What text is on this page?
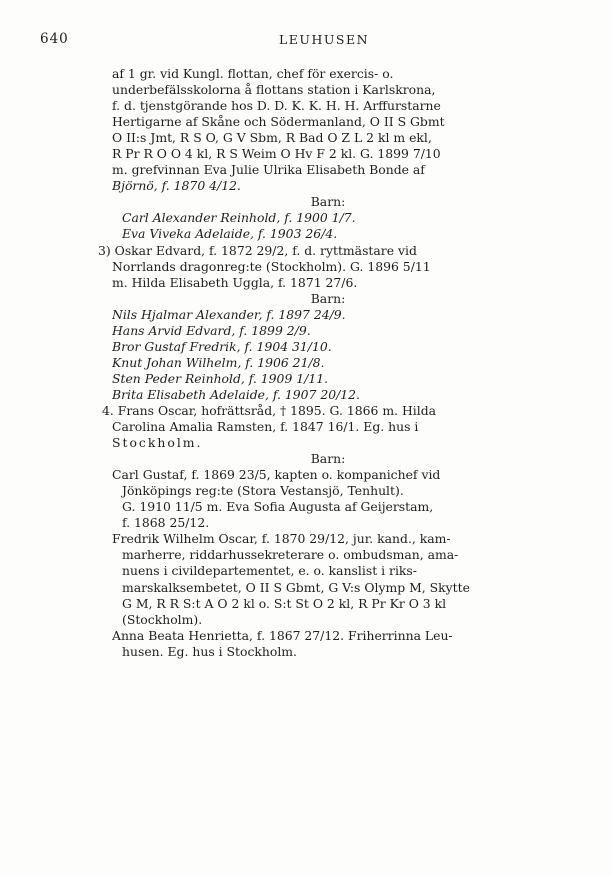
640	LEUHUSEN
af 1 gr. vid Kungl. flottan, chef för exercis- o.
underbefälsskolorna å flottans station i Karlskrona,
f. d. tjenstgörande hos D. D. K. K. H. H. Arffurstarne
Hertigarne af Skåne och Södermanland, O II S Gbmt
O II:s Jmt, R S O, G V Sbm, R Bad O Z L 2 kl m ekl,
R Pr R O O 4 kl, R S Weim O Hv F 2 kl. G. 1899 7/10
m. grefvinnan Eva Julie Ulrika Elisabeth Bonde af
Björnö, f. 1870 4/12.
Barn:
Carl Alexander Reinhold, f. 1900 1/7.
Eva Viveka Adelaide, f. 1903 26/4.
3) Oskar Edvard, f. 1872 29/2, f. d. ryttmästare vid
Norrlands dragonreg:te (Stockholm). G. 1896 5/11
m. Hilda Elisabeth Uggla, f. 1871 27/6.
Barn:
Nils Hjalmar Alexander, f. 1897 24/9.
Hans Arvid Edvard, f. 1899 2/9.
Bror Gustaf Fredrik, f. 1904 31/10.
Knut Johan Wilhelm, f. 1906 21/8.
Sten Peder Reinhold, f. 1909 1/11.
Brita Elisabeth Adelaide, f. 1907 20/12.
4. Frans Oscar, hofrättsråd, † 1895. G. 1866 m. Hilda
Carolina Amalia Ramsten, f. 1847 16/1. Eg. hus i
Stockholm.
Barn:
Carl Gustaf, f. 1869 23/5, kapten o. kompanichef vid
Jönköpings reg:te (Stora Vestansjö, Tenhult).
G. 1910 11/5 m. Eva Sofia Augusta af Geijerstam,
f. 1868 25/12.
Fredrik Wilhelm Oscar, f. 1870 29/12, jur. kand., kam-
marherre, riddarhussekreterare o. ombudsman, ama-
nuens i civildepartementet, e. o. kanslist i riks-
marskalksembetet, O II S Gbmt, G V:s Olymp M, Skytte
G M, R R S:t A O 2 kl o. S:t St O 2 kl, R Pr Kr O 3 kl
(Stockholm).
Anna Beata Henrietta, f. 1867 27/12. Friherrinna Leu-
husen. Eg. hus i Stockholm.
